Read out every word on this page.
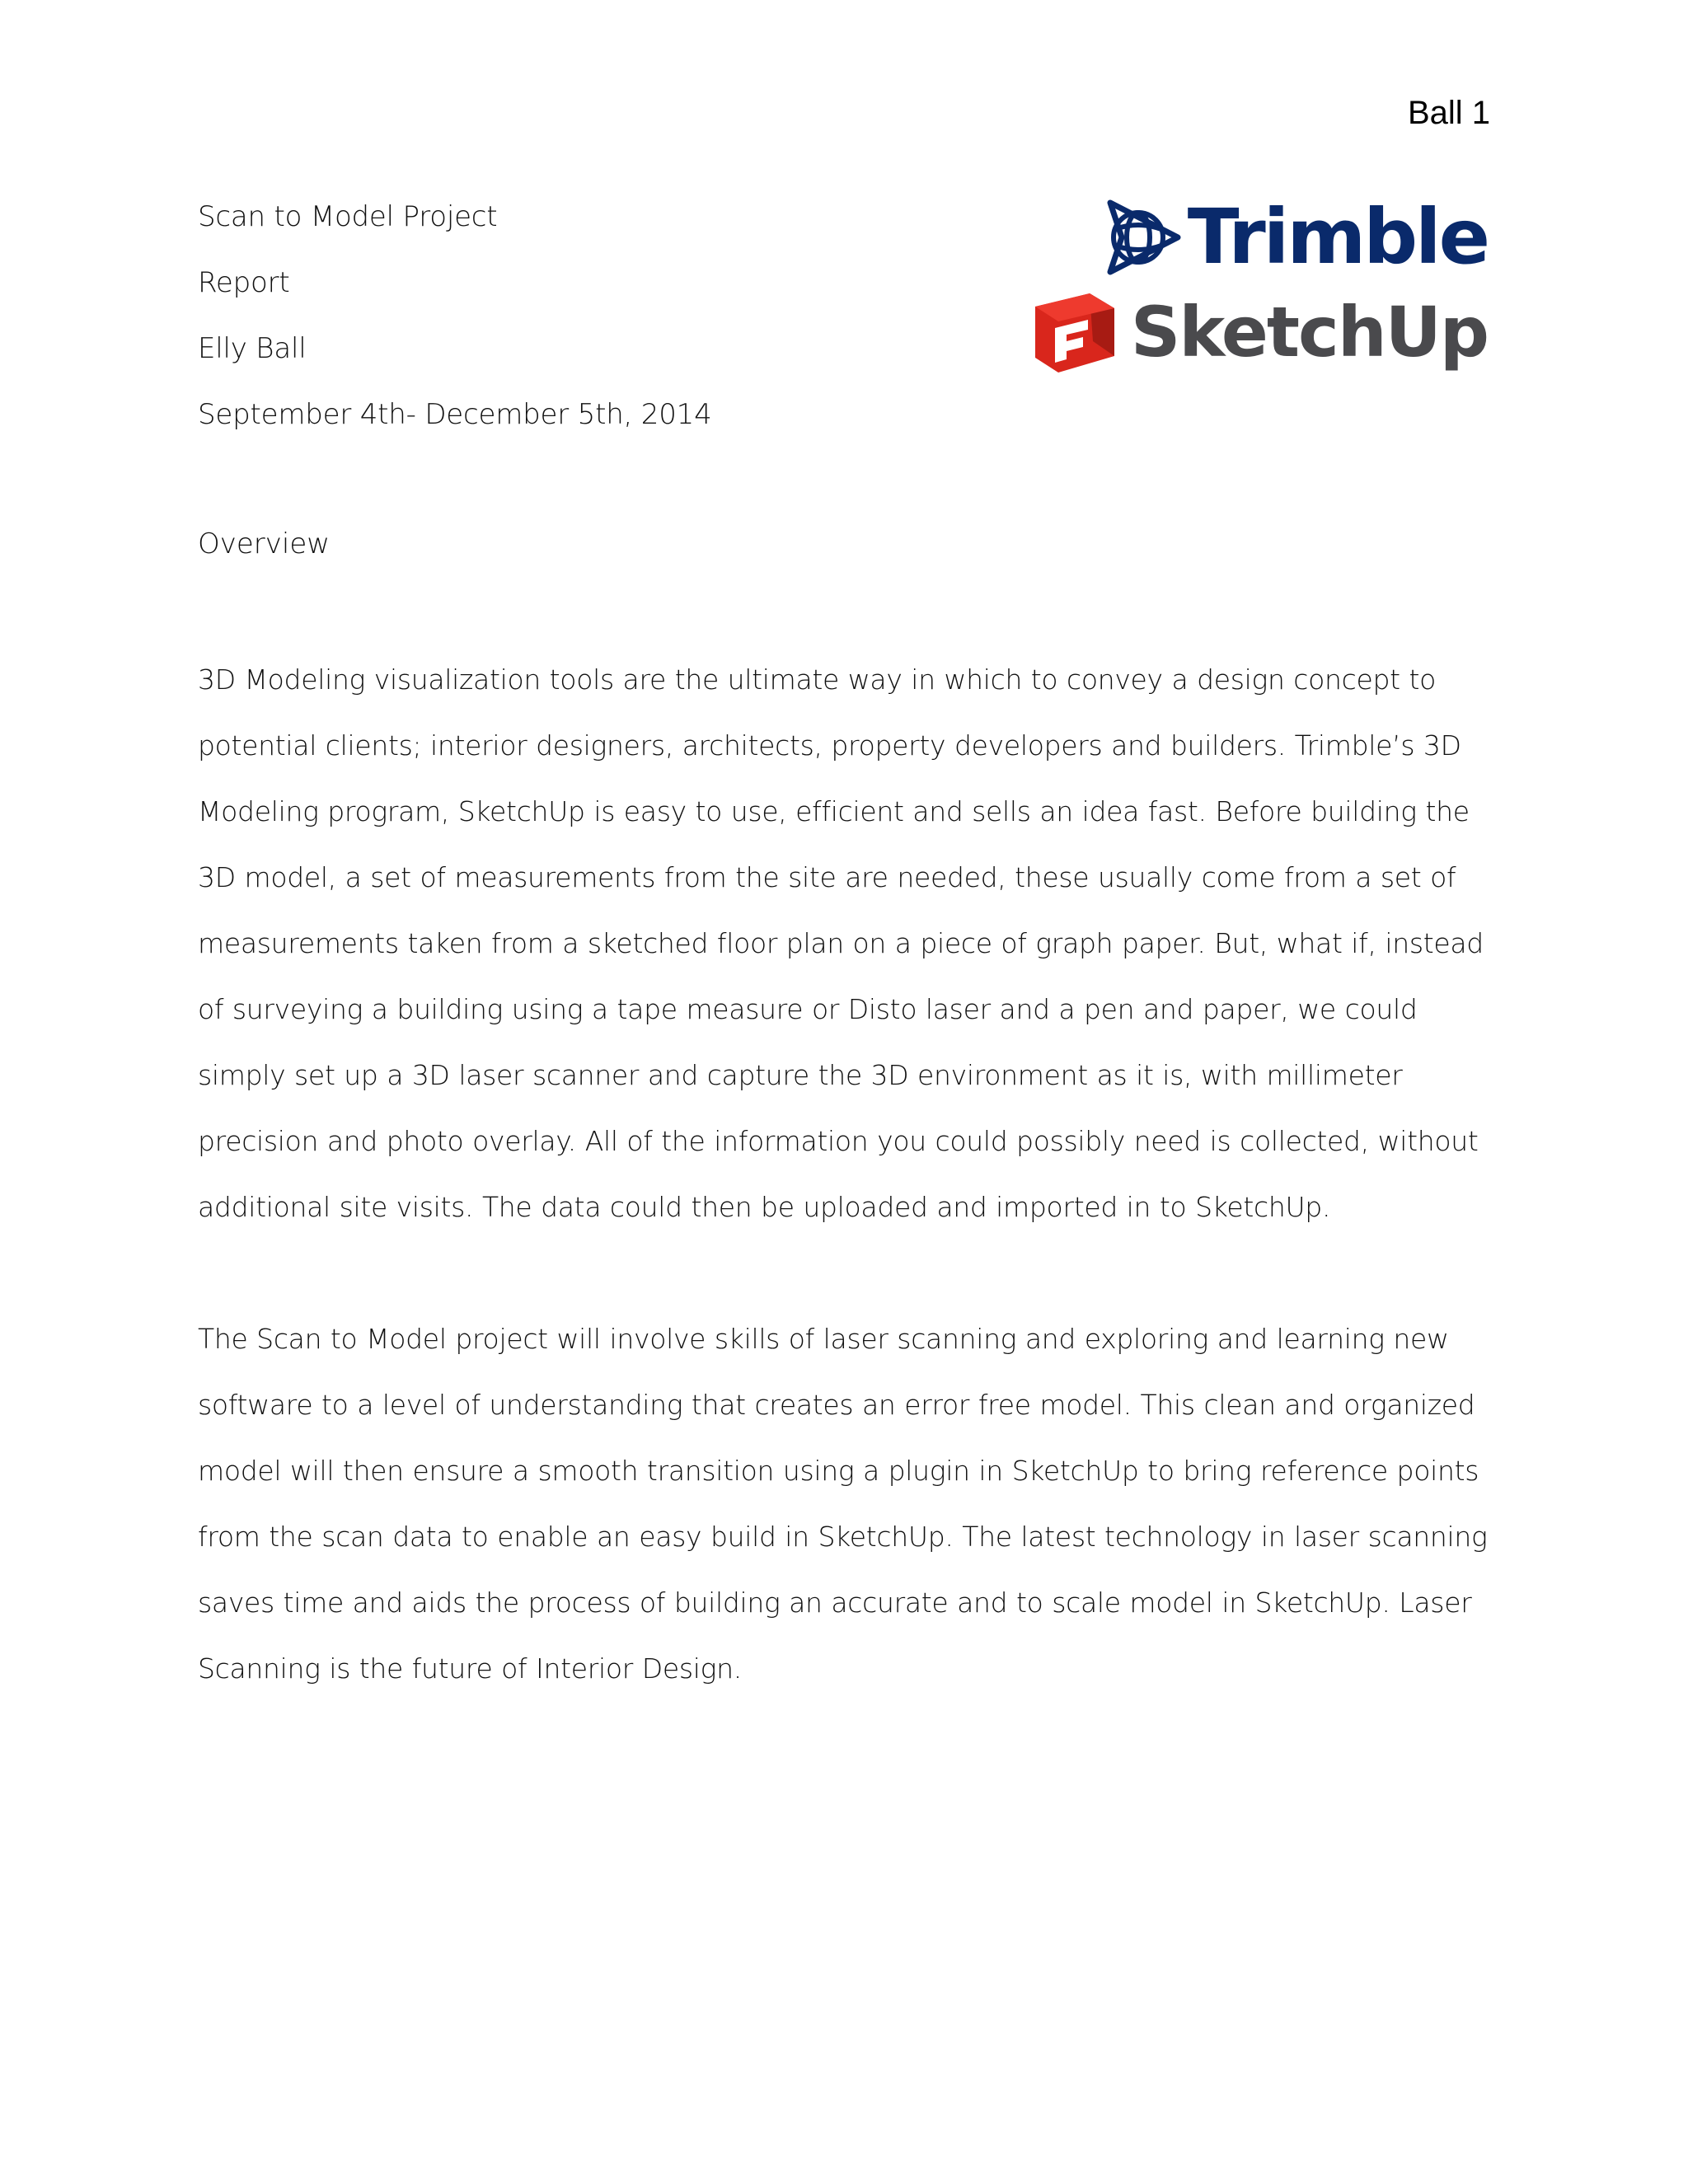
Ball 1
Scan to Model Project
Report
Elly Ball
September 4th- December 5th, 2014
Trimble
SketchUp
Overview

3D Modeling visualization tools are the ultimate way in which to convey a design concept to potential clients; interior designers, architects, property developers and builders. Trimble’s 3D Modeling program, SketchUp is easy to use, efficient and sells an idea fast. Before building the 3D model, a set of measurements from the site are needed, these usually come from a set of measurements taken from a sketched floor plan on a piece of graph paper. But, what if, instead of surveying a building using a tape measure or Disto laser and a pen and paper, we could simply set up a 3D laser scanner and capture the 3D environment as it is, with millimeter precision and photo overlay. All of the information you could possibly need is collected, without additional site visits. The data could then be uploaded and imported in to SketchUp.

The Scan to Model project will involve skills of laser scanning and exploring and learning new software to a level of understanding that creates an error free model. This clean and organized model will then ensure a smooth transition using a plugin in SketchUp to bring reference points from the scan data to enable an easy build in SketchUp. The latest technology in laser scanning saves time and aids the process of building an accurate and to scale model in SketchUp. Laser Scanning is the future of Interior Design.
